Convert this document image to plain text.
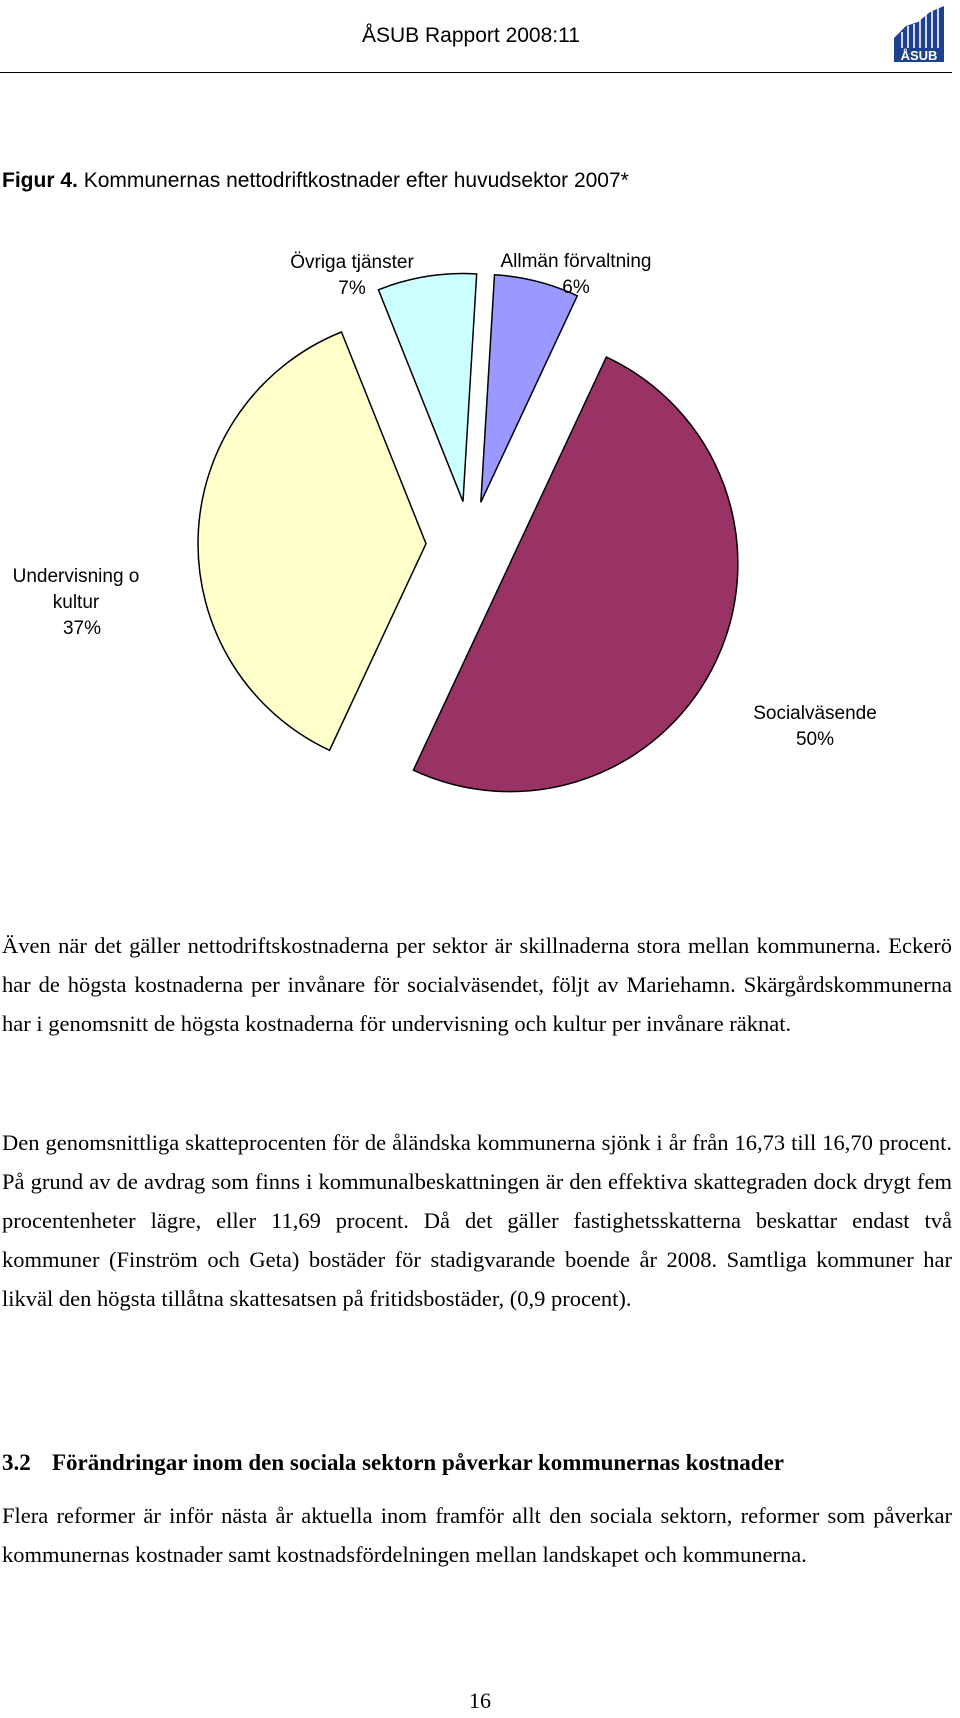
ÅSUB Rapport 2008:11
ÅSUB
Figur 4. Kommunernas nettodriftkostnader efter huvudsektor 2007*
Övriga tjänster
7%
Allmän förvaltning
6%
Undervisning o
kultur
37%
Socialväsende
50%

Även när det gäller nettodriftskostnaderna per sektor är skillnaderna stora mellan kommunerna. Eckerö har de högsta kostnaderna per invånare för socialväsendet, följt av Mariehamn. Skärgårdskommunerna har i genomsnitt de högsta kostnaderna för undervisning och kultur per invånare räknat.

Den genomsnittliga skatteprocenten för de åländska kommunerna sjönk i år från 16,73 till 16,70 procent. På grund av de avdrag som finns i kommunalbeskattningen är den effektiva skattegraden dock drygt fem procentenheter lägre, eller 11,69 procent. Då det gäller fastighetsskatterna beskattar endast två kommuner (Finström och Geta) bostäder för stadigvarande boende år 2008. Samtliga kommuner har likväl den högsta tillåtna skattesatsen på fritidsbostäder, (0,9 procent).

3.2 Förändringar inom den sociala sektorn påverkar kommunernas kostnader

Flera reformer är inför nästa år aktuella inom framför allt den sociala sektorn, reformer som påverkar kommunernas kostnader samt kostnadsfördelningen mellan landskapet och kommunerna.

16
